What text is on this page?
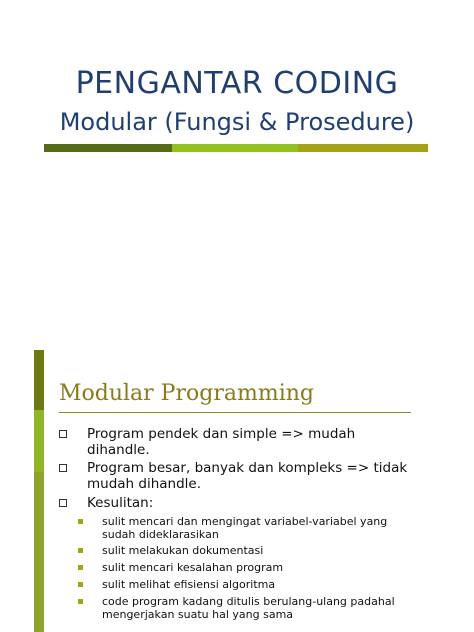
PENGANTAR CODING
Modular (Fungsi & Prosedure)
Modular Programming
Program pendek dan simple => mudah dihandle.
Program besar, banyak dan kompleks => tidak mudah dihandle.
Kesulitan:
sulit mencari dan mengingat variabel-variabel yang sudah dideklarasikan
sulit melakukan dokumentasi
sulit mencari kesalahan program
sulit melihat efisiensi algoritma
code program kadang ditulis berulang-ulang padahal mengerjakan suatu hal yang sama
